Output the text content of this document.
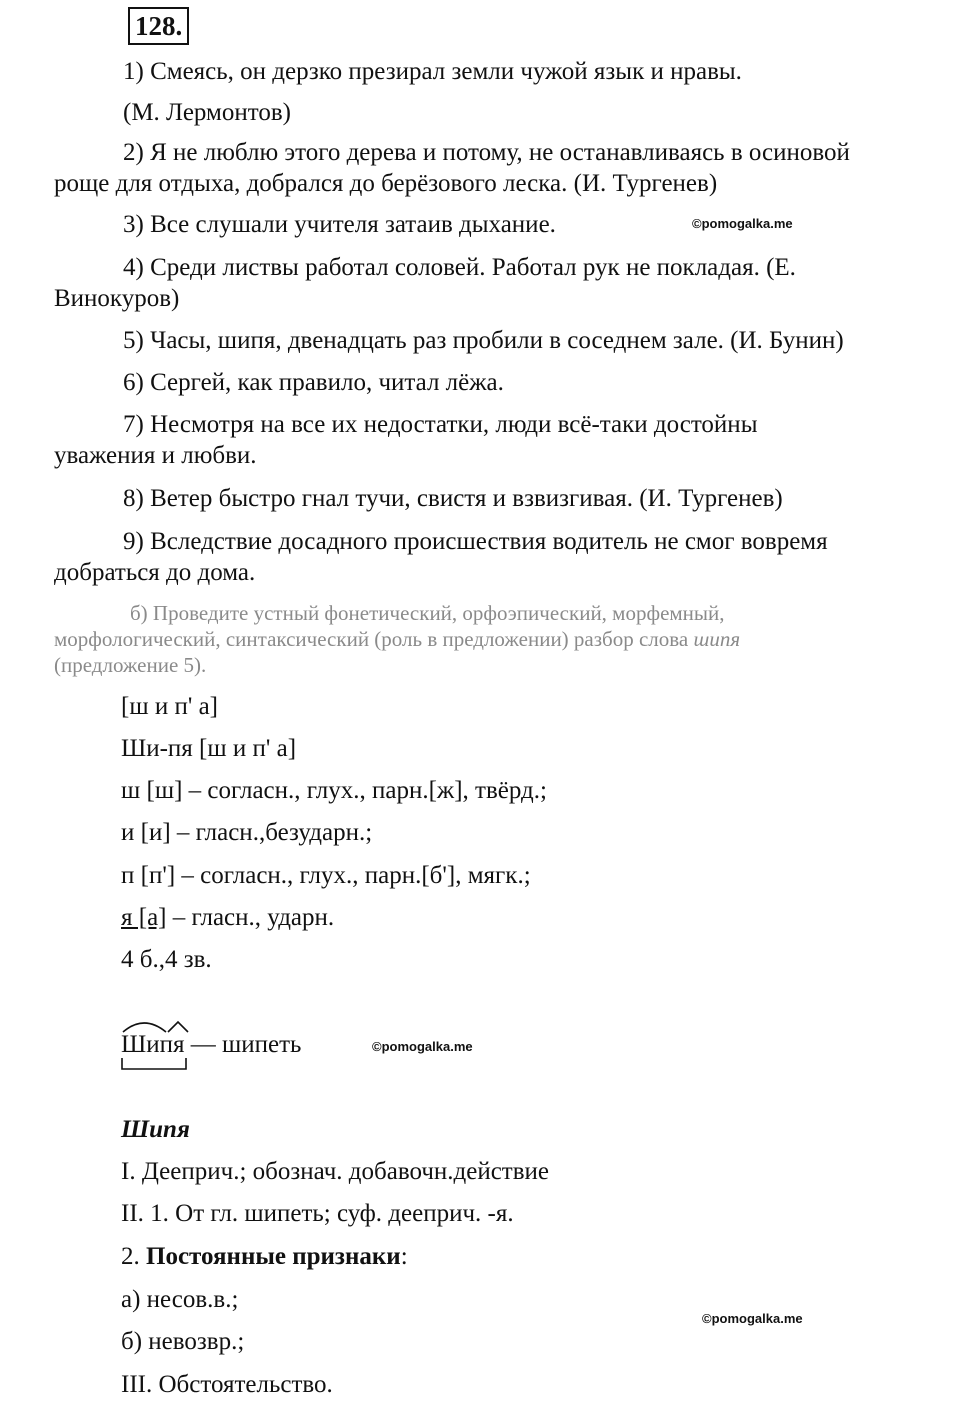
128.
1) Смеясь, он дерзко презирал земли чужой язык и нравы.
(М. Лермонтов)
2) Я не люблю этого дерева и потому, не останавливаясь в осиновой
роще для отдыха, добрался до берёзового леска. (И. Тургенев)
3) Все слушали учителя затаив дыхание.
4) Среди листвы работал соловей. Работал рук не покладая. (Е.
Винокуров)
5) Часы, шипя, двенадцать раз пробили в соседнем зале. (И. Бунин)
6) Сергей, как правило, читал лёжа.
7) Несмотря на все их недостатки, люди всё-таки достойны
уважения и любви.
8) Ветер быстро гнал тучи, свистя и взвизгивая. (И. Тургенев)
9) Вследствие досадного происшествия водитель не смог вовремя
добраться до дома.
©pomogalka.me
©pomogalka.me
©pomogalka.me
б) Проведите устный фонетический, орфоэпический, морфемный,
морфологический, синтаксический (роль в предложении) разбор слова шипя
(предложение 5).
[ш и п' а]
Ши-пя [ш и п' а]
ш [ш] – согласн., глух., парн.[ж], твёрд.;
и [и] – гласн.,безударн.;
п [п'] – согласн., глух., парн.[б'], мягк.;
я [а] – гласн., ударн.
4 б.,4 зв.
Шипя — шипеть
Шипя
I. Дееприч.; обознач. добавочн.действие
II. 1. От гл. шипеть; суф. дееприч. -я.
2. Постоянные признаки:
а) несов.в.;
б) невозвр.;
III. Обстоятельство.
